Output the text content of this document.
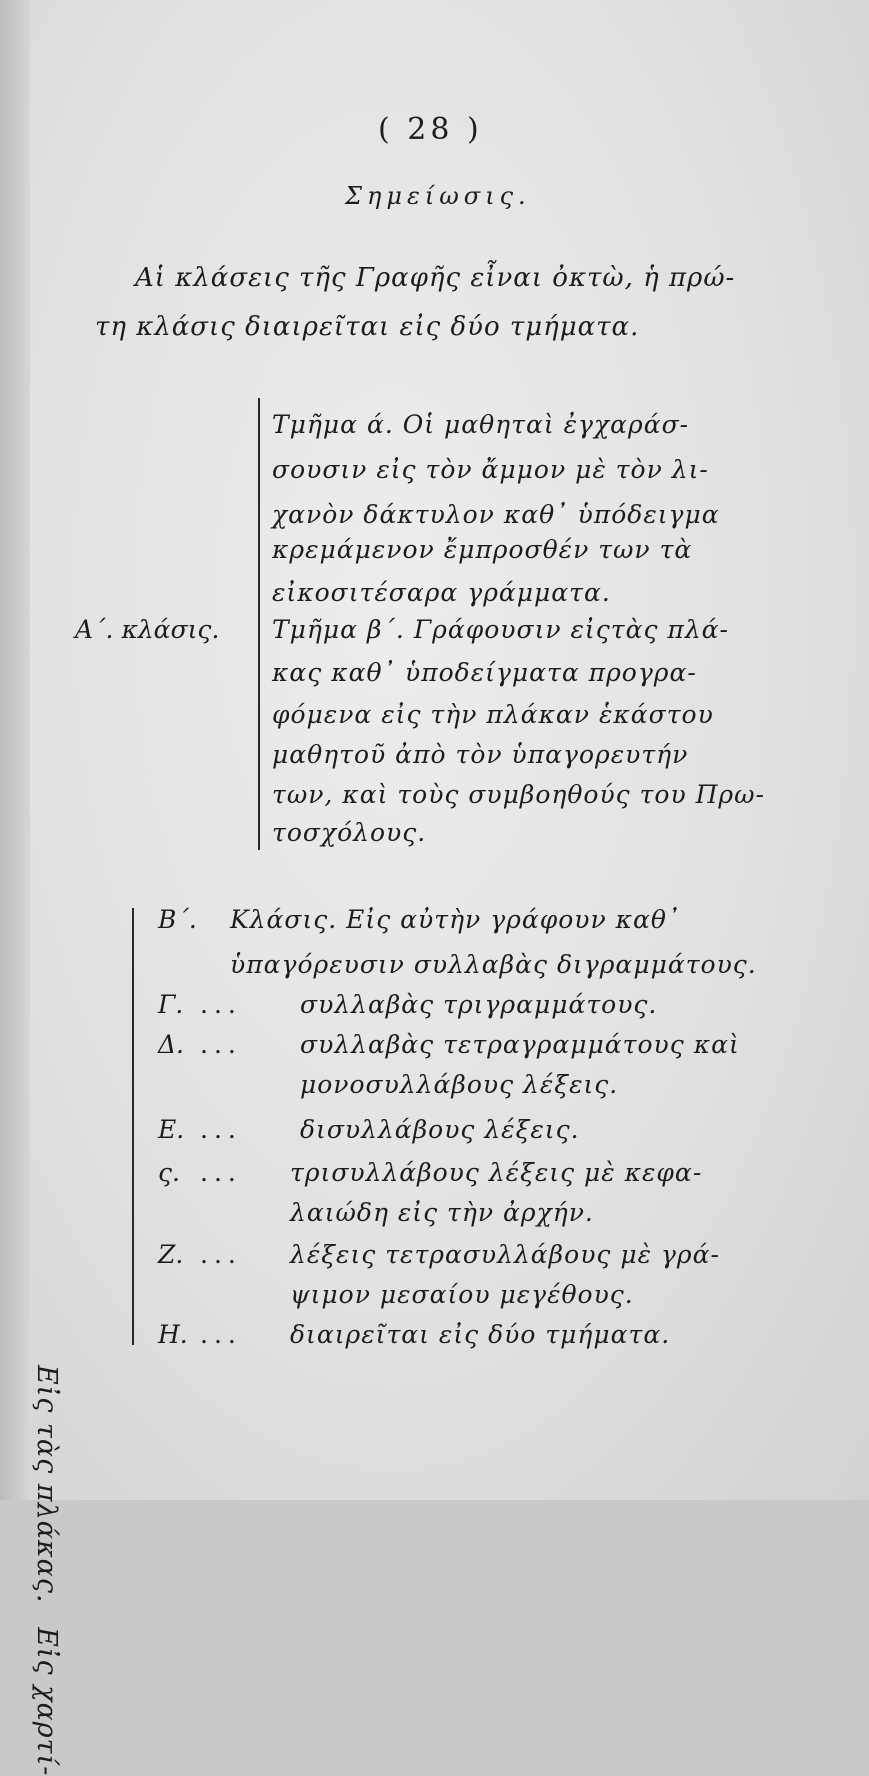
( 28 )
Σημείωσις.
Αἱ κλάσεις τῆς Γραφῆς εἶναι ὀκτὼ, ἡ πρώ-
τη κλάσις διαιρεῖται εἰς δύο τμήματα.
Α΄. κλάσις.
Τμῆμα ά. Οἱ μαθηταὶ ἐγχαράσ-
σουσιν εἰς τὸν ἄμμον μὲ τὸν λι-
χανὸν δάκτυλον καθ᾽ ὑπόδειγμα
κρεμάμενον ἔμπροσθέν των τὰ
εἰκοσιτέσαρα γράμματα.
Τμῆμα β΄. Γράφουσιν εἰςτὰς πλά-
κας καθ᾽ ὑποδείγματα προγρα-
φόμενα εἰς τὴν πλάκαν ἑκάστου
μαθητοῦ ἀπὸ τὸν ὑπαγορευτήν
των, καὶ τοὺς συμβοηθούς του Πρω-
τοσχόλους.
Εἰς τὰς πλάκας. Εἰς χαρτί-
Β΄. Κλάσις. Εἰς αὐτὴν γράφουν καθ᾽
ὑπαγόρευσιν συλλαβὰς διγραμμάτους.
Γ. ... συλλαβὰς τριγραμμάτους.
Δ. ... συλλαβὰς τετραγραμμάτους καὶ
μονοσυλλάβους λέξεις.
Ε. ... δισυλλάβους λέξεις.
ς. ... τρισυλλάβους λέξεις μὲ κεφα-
λαιώδη εἰς τὴν ἀρχήν.
Ζ. ... λέξεις τετρασυλλάβους μὲ γρά-
ψιμον μεσαίου μεγέθους.
Η. ... διαιρεῖται εἰς δύο τμήματα.
